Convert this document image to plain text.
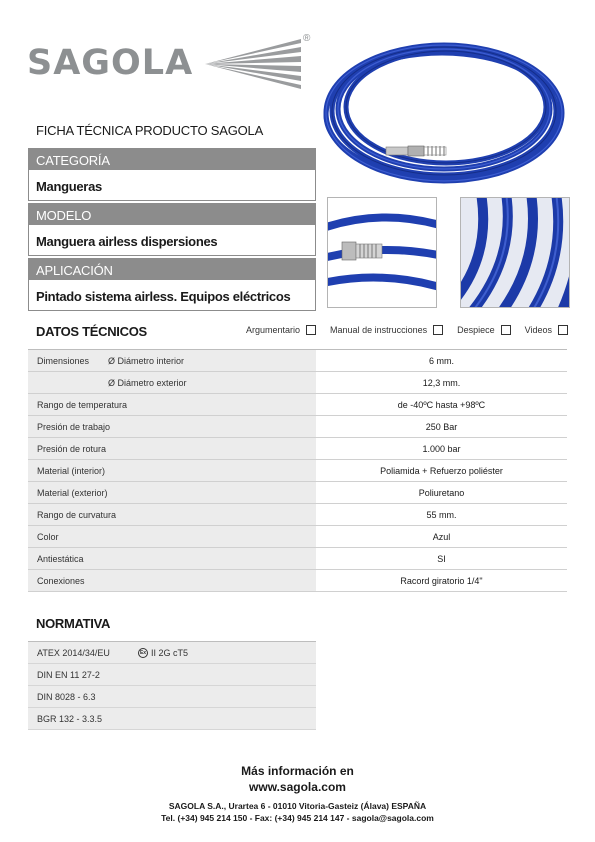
SAGOLA
®
FICHA TÉCNICA PRODUCTO SAGOLA
CATEGORÍA
Mangueras
MODELO
Manguera airless dispersiones
APLICACIÓN
Pintado sistema airless. Equipos eléctricos
DATOS TÉCNICOS	Argumentario	Manual de instrucciones	Despiece	Videos
Dimensiones Ø Diámetro interior	6 mm.
Ø Diámetro exterior	12,3 mm.
Rango de temperatura	de -40ºC hasta +98ºC
Presión de trabajo	250 Bar
Presión de rotura	1.000 bar
Material (interior)	Poliamida + Refuerzo poliéster
Material (exterior)	Poliuretano
Rango de curvatura	55 mm.
Color	Azul
Antiestática	SI
Conexiones	Racord giratorio 1/4"
NORMATIVA
ATEX 2014/34/EU	Ex II 2G cT5
DIN EN 11 27-2
DIN 8028 - 6.3
BGR 132 - 3.3.5
Más información en
www.sagola.com
SAGOLA S.A., Urartea 6 - 01010 Vitoria-Gasteiz (Álava) ESPAÑA
Tel. (+34) 945 214 150 - Fax: (+34) 945 214 147 - sagola@sagola.com
